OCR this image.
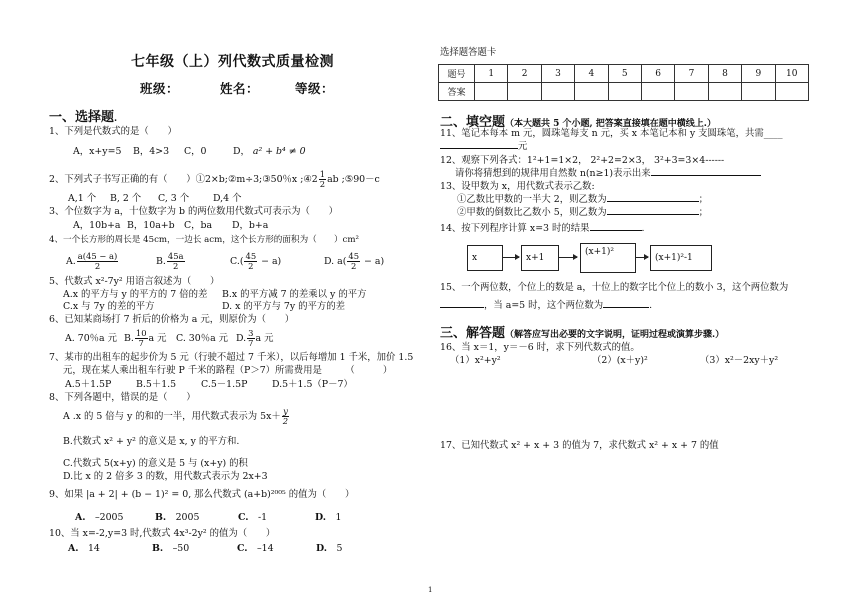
七年级（上）列代数式质量检测
班级：	姓名：	等级：
一、选择题.
1、下列是代数式的是（　　）
A，x+y=5 B，4>3 C，0	D， a² + b⁴ ≠ 0
2、下列式子书写正确的有（　　）①2×b;②m÷3;③50％x ;④2 $\frac{1}{2}$ ab ;⑤90－c
A,1 个 B, 2 个 C, 3 个	D,4 个
3、个位数字为 a，十位数字为 b 的两位数用代数式可表示为（　　）
A，10b+a B，10a+b C，ba D，b+a
4、一个长方形的周长是 45cm，一边长 acm，这个长方形的面积为（　　）cm²
A. $\frac{a(45 - a)}{2}$	B. $\frac{45a}{2}$	$C.( \frac{45}{2} - a)$	D. $a( \frac{45}{2} - a)$
5、代数式 x²-7y² 用语言叙述为（　　）
A.x 的平方与 y 的平方的 7 倍的差 B.x 的平方减 7 的差乘以 y 的平方
C.x 与 7y 的差的平方	D. x 的平方与 7y 的平方的差
6、已知某商场打 7 折后的价格为 a 元，则原价为（　　）
A. 70％a 元 B. $\frac{10}{7}$ a 元 C. 30％a 元 D. $\frac{3}{7}$ a 元
7、某市的出租车的起步价为 5 元（行驶不超过 7 千米），以后每增加 1 千米，加价 1.5
元，现在某人乘出租车行驶 P 千米的路程（P＞7）所需费用是　　　（　　　）
A.5＋1.5P	B.5＋1.5	C.5－1.5P	D.5＋1.5（P－7）
8、下列各题中，错误的是（　　）
A .x 的 5 倍与 y 的和的一半，用代数式表示为 $5x+ \frac{y}{2}$
B.代数式 x² + y² 的意义是 x, y 的平方和.
C.代数式 5(x+y) 的意义是 5 与 (x+y) 的积
D.比 x 的 2 倍多 3 的数，用代数式表示为 2x+3
9、如果 |a + 2| + (b − 1)² = 0, 那么代数式 (a+b)²⁰⁰⁵ 的值为（　　）
A.　 –2005	B.　 2005	C.　 -1	D.　 1
10、当 x=-2,y=3 时,代数式 4x³-2y² 的值为（　　）
A.　 14	B.　 –50	C.　 –14	D.　 5
选择题答题卡
题号	1	2	3	4	5	6	7	8	9	10
答案										
二、填空题（本大题共 5 个小题, 把答案直接填在题中横线上.）
11、笔记本每本 m 元，圆珠笔每支 n 元，买 x 本笔记本和 y 支圆珠笔，共需____
元
12、观察下列各式：1²+1=1×2， 2²+2=2×3， 3²+3=3×4------
请你将猜想到的规律用自然数 n(n≥1)表示出来
13、设甲数为 x，用代数式表示乙数:
①乙数比甲数的一半大 2，则乙数为	；
②甲数的倒数比乙数小 5，则乙数为	；
14、按下列程序计算 x=3 时的结果	.
x	x+1
(x+1)²
(x+1)²-1
15、一个两位数，个位上的数是 a，十位上的数字比个位上的数小 3，这个两位数为
，当 a=5 时，这个两位数为	.
三、解答题（解答应写出必要的文字说明，证明过程或演算步骤.）
16、当 x＝1，y＝－6 时，求下列代数式的值。
（1）x²+y²	（2）(x＋y)²	（3）x²－2xy＋y²
17、已知代数式 x² + x + 3 的值为 7，求代数式 x² + x + 7 的值
1
